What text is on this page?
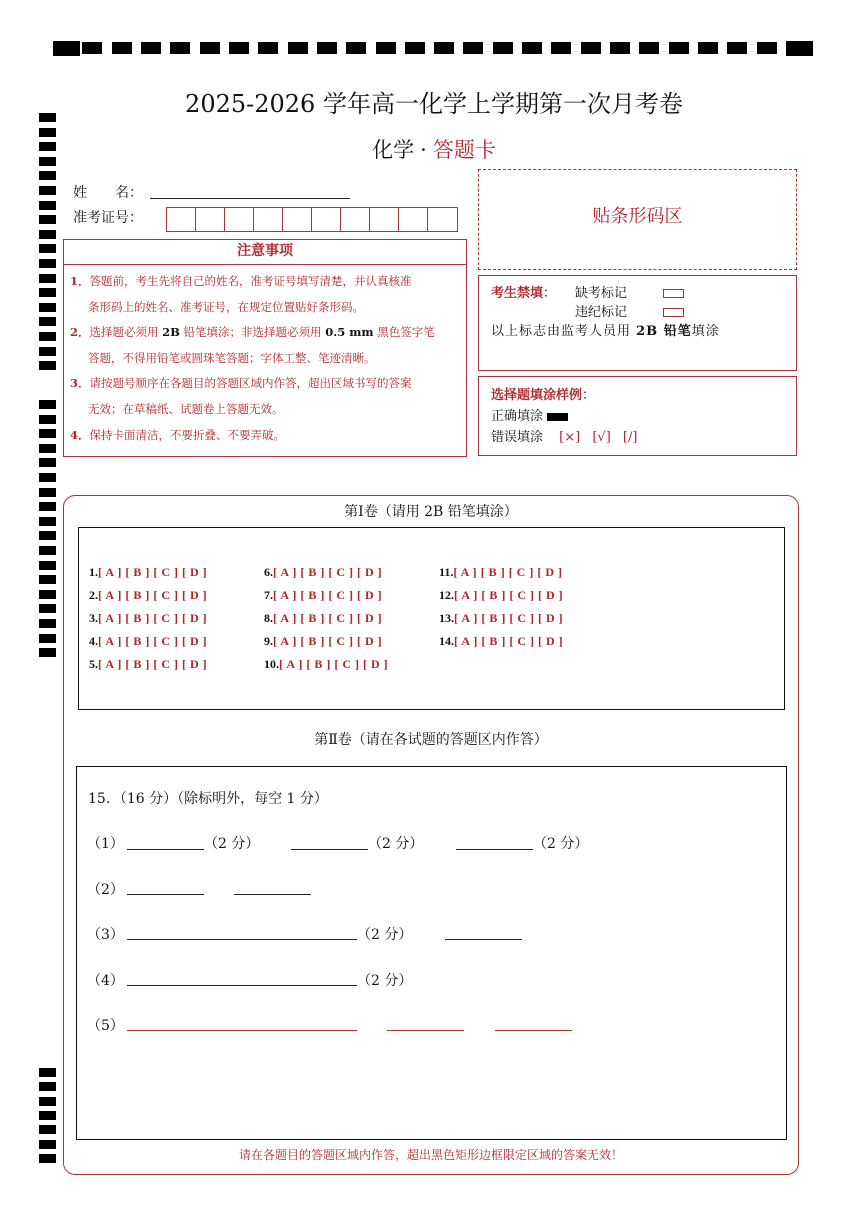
2025-2026 学年高一化学上学期第一次月考卷
化学 · 答题卡
姓　　名：
准考证号：
注意事项

1．答题前，考生先将自己的姓名，准考证号填写清楚，并认真核准

条形码上的姓名、准考证号，在规定位置贴好条形码。

2．选择题必须用 2B 铅笔填涂；非选择题必须用 0.5 mm 黑色签字笔

答题，不得用铅笔或圆珠笔答题；字体工整、笔迹清晰。

3．请按题号顺序在各题目的答题区域内作答，超出区域书写的答案

无效；在草稿纸、试题卷上答题无效。

4．保持卡面清洁，不要折叠、不要弄破。

贴条形码区
考生禁填： 缺考标记
违纪标记
以上标志由监考人员用 2B 铅笔填涂
选择题填涂样例：
正确填涂
错误填涂 [×] [√] [/]
第Ⅰ卷（请用 2B 铅笔填涂）
第Ⅱ卷（请在各试题的答题区内作答）
1.[ A ] [ B ] [ C ] [ D ]
2.[ A ] [ B ] [ C ] [ D ]
3.[ A ] [ B ] [ C ] [ D ]
4.[ A ] [ B ] [ C ] [ D ]
5.[ A ] [ B ] [ C ] [ D ]
6.[ A ] [ B ] [ C ] [ D ]
7.[ A ] [ B ] [ C ] [ D ]
8.[ A ] [ B ] [ C ] [ D ]
9.[ A ] [ B ] [ C ] [ D ]
10.[ A ] [ B ] [ C ] [ D ]
11.[ A ] [ B ] [ C ] [ D ]
12.[ A ] [ B ] [ C ] [ D ]
13.[ A ] [ B ] [ C ] [ D ]
14.[ A ] [ B ] [ C ] [ D ]
15．（16 分）（除标明外，每空 1 分）
（1）	（2 分）	（2 分）	（2 分）
（2）
（3）	（2 分）
（4）	（2 分）
（5）
请在各题目的答题区域内作答，超出黑色矩形边框限定区域的答案无效！
